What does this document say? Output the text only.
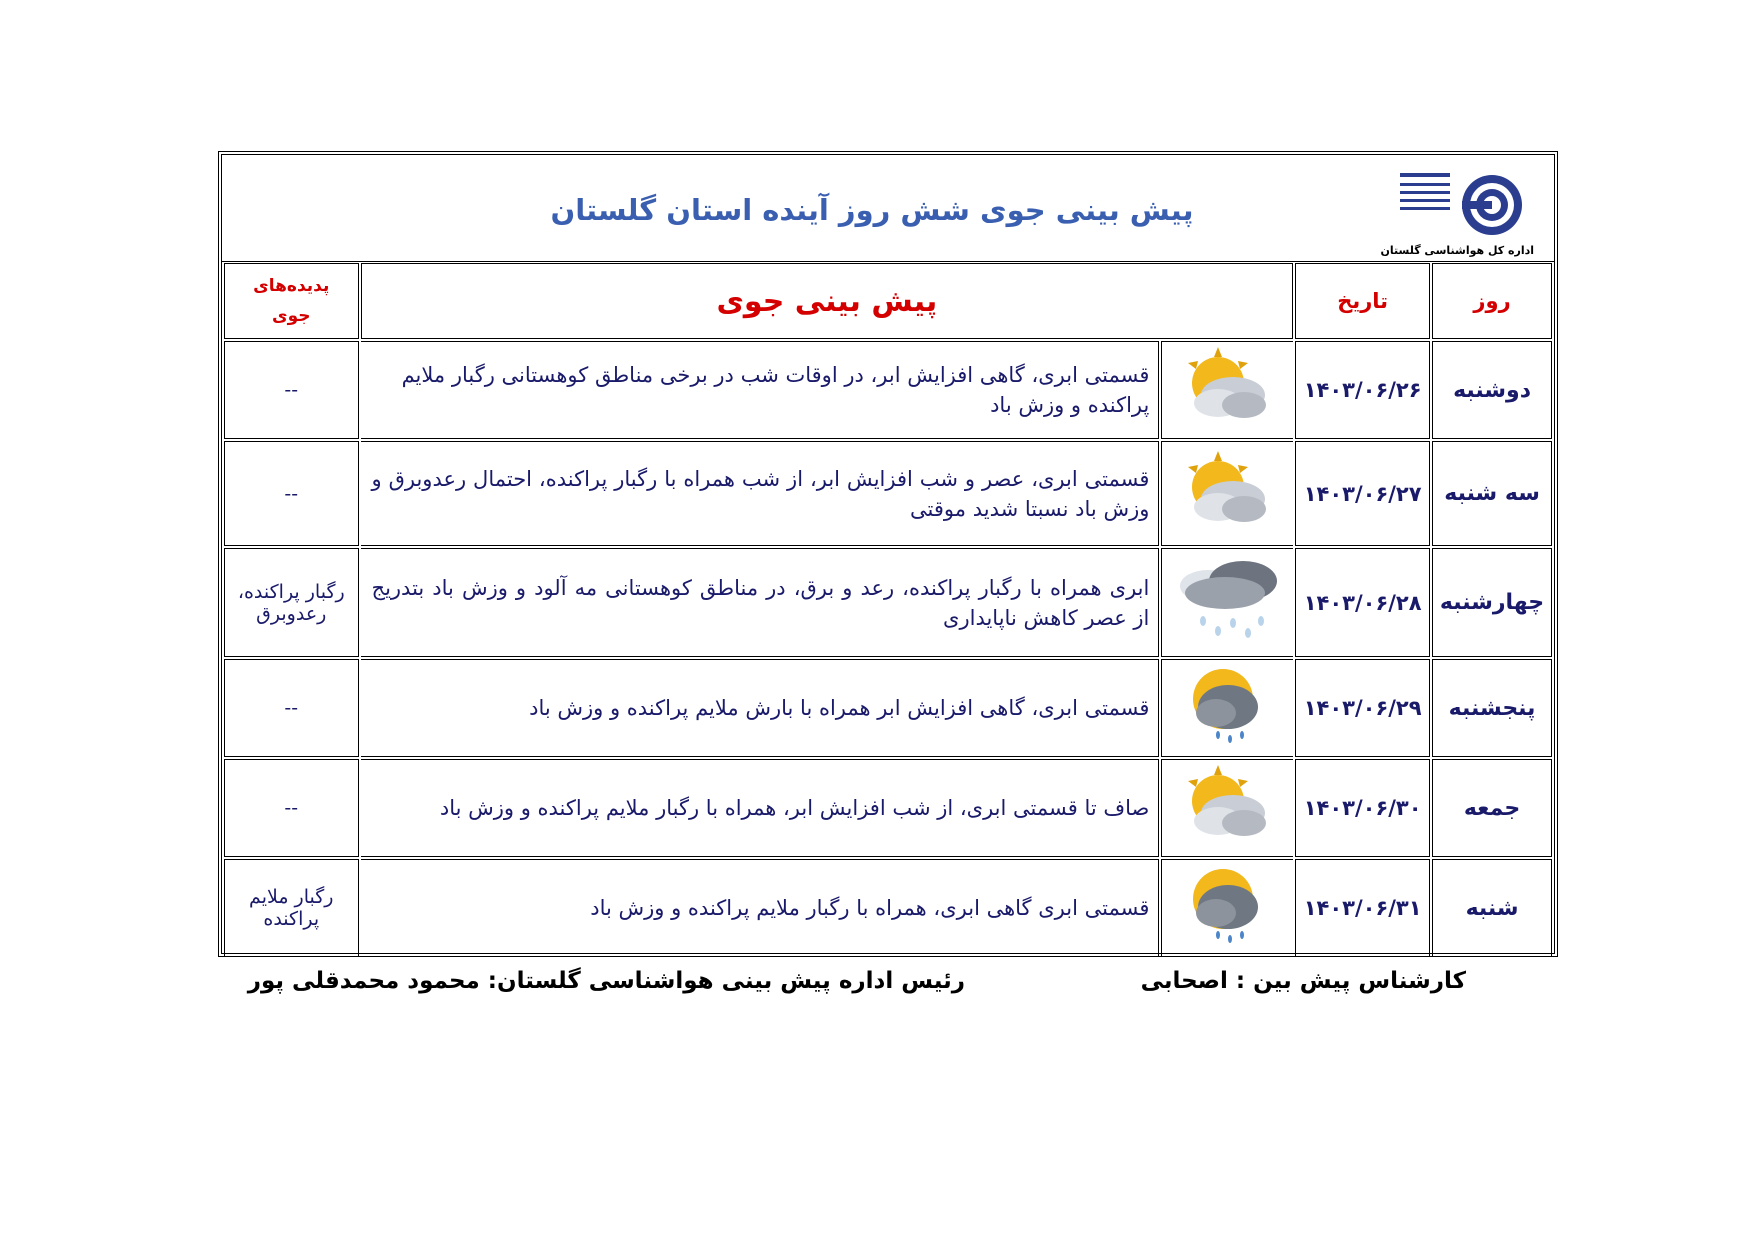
پیش بینی جوی شش روز آینده استان گلستان
اداره کل هواشناسی گلستان
پدیده‌های
جوی	پیش بینی جوی		تاریخ	روز
--	قسمتی ابری، گاهی افزایش ابر، در اوقات شب در برخی مناطق کوهستانی رگبار ملایم پراکنده و وزش باد		۱۴۰۳/۰۶/۲۶	دوشنبه
--	قسمتی ابری، عصر و شب افزایش ابر، از شب همراه با رگبار پراکنده، احتمال رعدوبرق و وزش باد نسبتا شدید موقتی		۱۴۰۳/۰۶/۲۷	سه شنبه
رگبار پراکنده، رعدوبرق	ابری همراه با رگبار پراکنده، رعد و برق، در مناطق کوهستانی مه آلود و وزش باد بتدریج از عصر کاهش ناپایداری		۱۴۰۳/۰۶/۲۸	چهارشنبه
--	قسمتی ابری، گاهی افزایش ابر همراه با بارش ملایم پراکنده و وزش باد		۱۴۰۳/۰۶/۲۹	پنجشنبه
--	صاف تا قسمتی ابری، از شب افزایش ابر، همراه با رگبار ملایم پراکنده و وزش باد		۱۴۰۳/۰۶/۳۰	جمعه
رگبار ملایم پراکنده	قسمتی ابری گاهی ابری، همراه با رگبار ملایم پراکنده و وزش باد		۱۴۰۳/۰۶/۳۱	شنبه
کارشناس پیش بین : اصحابی
رئیس اداره پیش بینی هواشناسی گلستان: محمود محمدقلی پور
